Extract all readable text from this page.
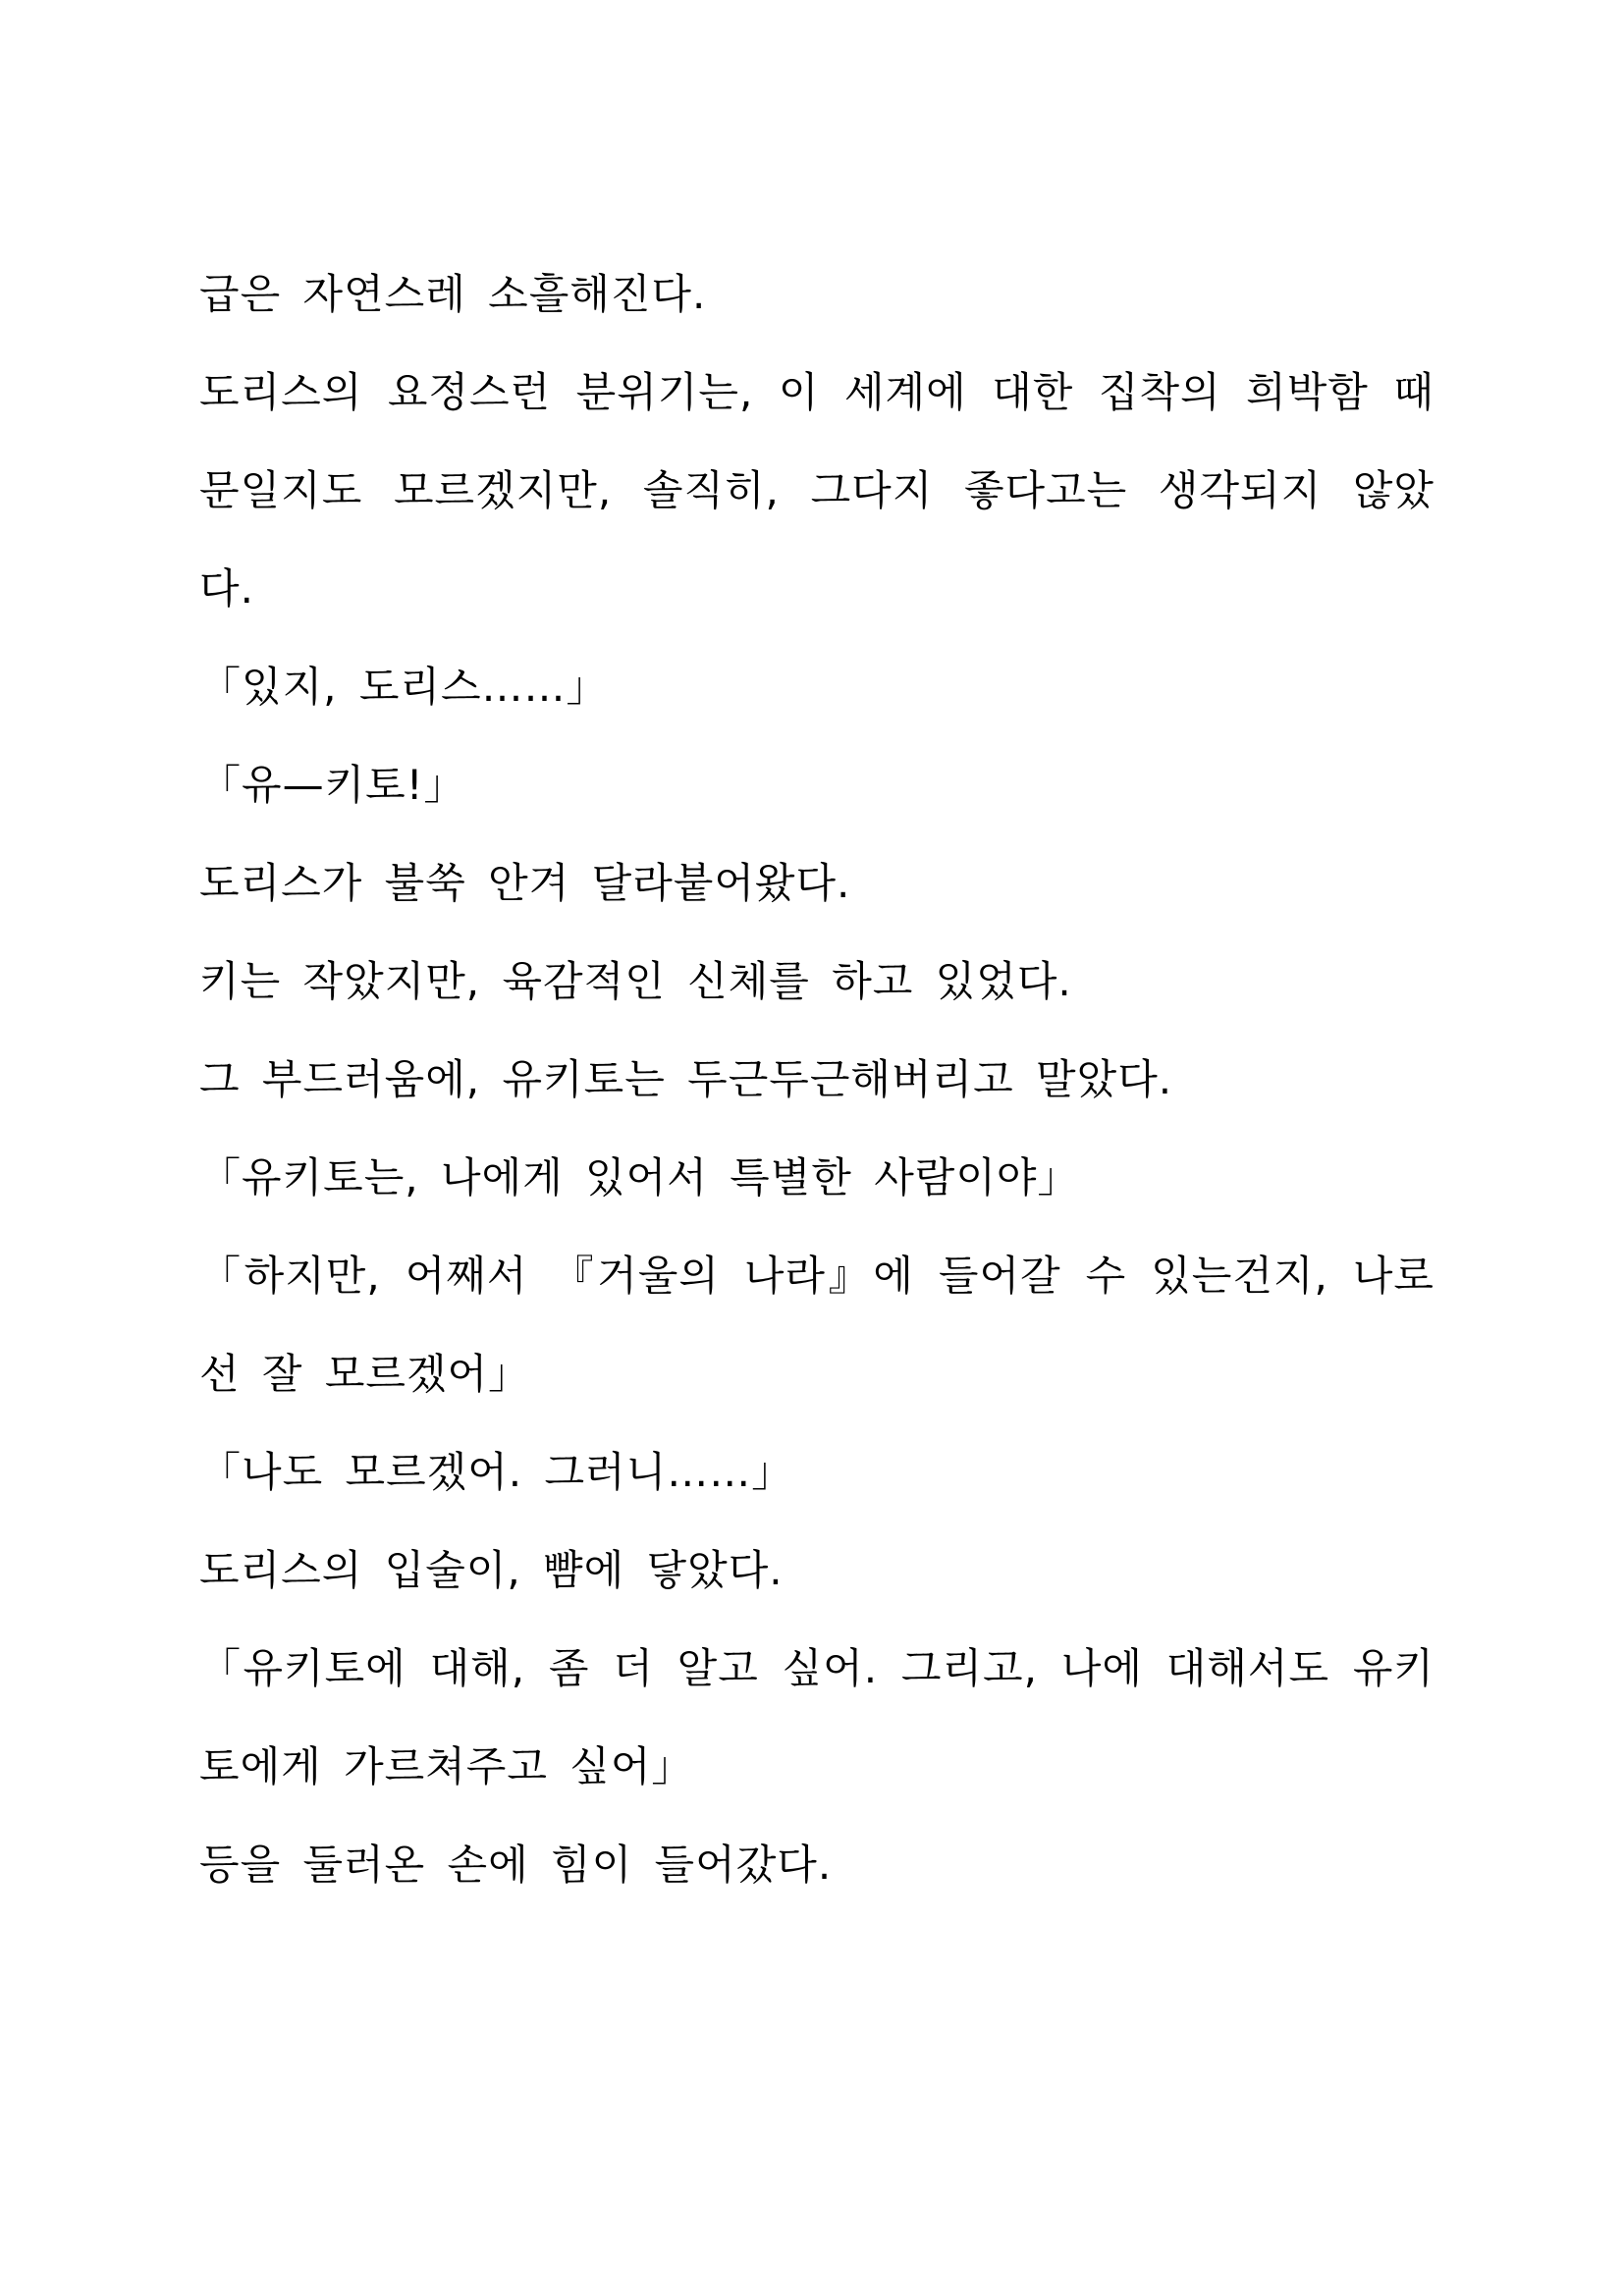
급은 자연스레 소흘해진다.

도리스의 요정스런 분위기는, 이 세계에 대한 집착의 희박함 때문일지도 모르겠지만, 솔직히, 그다지 좋다고는 생각되지 않았다.

「있지, 도리스……」

「유—키토!」

도리스가 불쑥 안겨 달라붙어왔다.

키는 작았지만, 육감적인 신체를 하고 있었다.

그 부드러움에, 유키토는 두근두근해버리고 말았다.

「유키토는, 나에게 있어서 특별한 사람이야」

「하지만, 어째서 『거울의 나라』에 들어갈 수 있는건지, 나로선 잘 모르겠어」

「나도 모르겠어. 그러니……」

도리스의 입술이, 뺨에 닿았다.

「유키토에 대해, 좀 더 알고 싶어. 그리고, 나에 대해서도 유키토에게 가르쳐주고 싶어」

등을 둘러온 손에 힘이 들어갔다.
